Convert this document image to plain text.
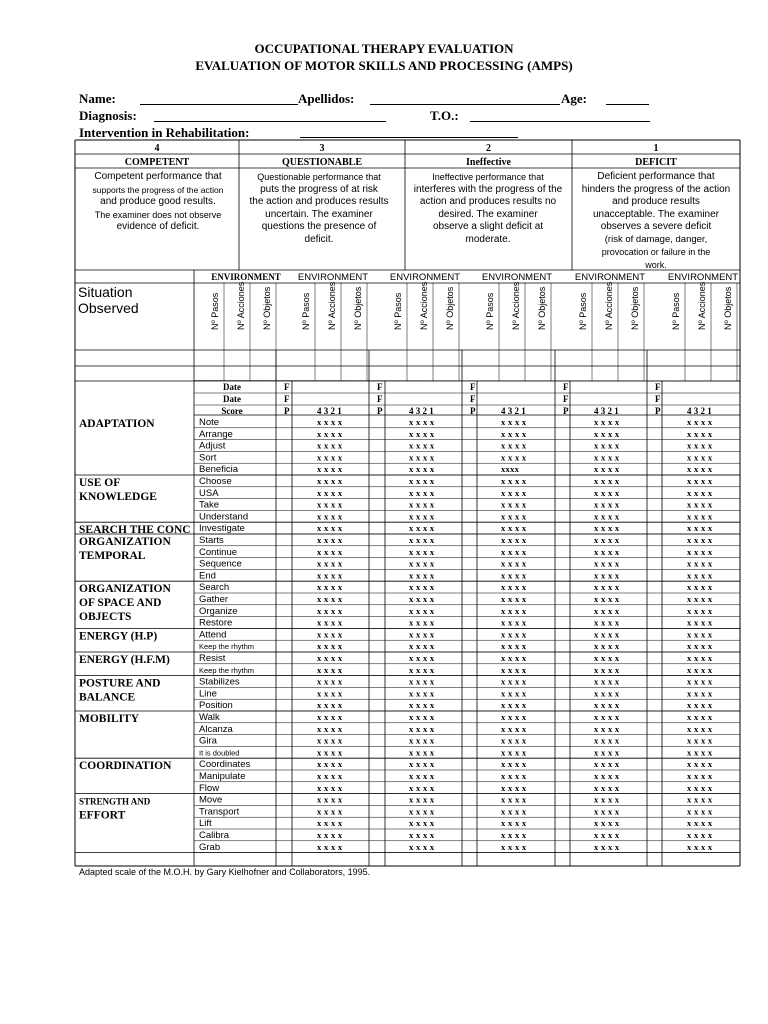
OCCUPATIONAL THERAPY EVALUATION
EVALUATION OF MOTOR SKILLS AND PROCESSING (AMPS)
Name:	Apellidos:	Age:
Diagnosis:	T.O.:
Intervention in Rehabilitation:
4
COMPETENT
3
QUESTIONABLE
2
Ineffective
1
DEFICIT
Situation
Observed
ENVIRONMENT ENVIRONMENT ENVIRONMENT ENVIRONMENT ENVIRONMENT ENVIRONMENT
Nº Pasos Nº Acciones Nº Objetos	Nº Pasos Nº Acciones Nº Objetos	Nº Pasos Nº Acciones Nº Objetos	Nº Pasos Nº Acciones Nº Objetos	Nº Pasos Nº Acciones Nº Objetos	Nº Pasos Nº Acciones Nº Objetos
Date	F	F	F	F	F
Date	F	F	F	F	F
Score	P	4 3 2 1	P	4 3 2 1	P	4 3 2 1	P	4 3 2 1	P	4 3 2 1
Note	x x x x	x x x x	x x x x	x x x x	x x x x
Arrange	x x x x	x x x x	x x x x	x x x x	x x x x
Adjust	x x x x	x x x x	x x x x	x x x x	x x x x
Sort	x x x x	x x x x	x x x x	x x x x	x x x x
Beneficia	x x x x	x x x x	xxxx	x x x x	x x x x
ADAPTATION
Choose	x x x x	x x x x	x x x x	x x x x	x x x x
USA	x x x x	x x x x	x x x x	x x x x	x x x x
Take	x x x x	x x x x	x x x x	x x x x	x x x x
Understand	x x x x	x x x x	x x x x	x x x x	x x x x
USE OF
KNOWLEDGE
Investigate	x x x x	x x x x	x x x x	x x x x	x x x x
SEARCH THE CONC
Starts	x x x x	x x x x	x x x x	x x x x	x x x x
Continue	x x x x	x x x x	x x x x	x x x x	x x x x
Sequence	x x x x	x x x x	x x x x	x x x x	x x x x
End	x x x x	x x x x	x x x x	x x x x	x x x x
ORGANIZATION
TEMPORAL
Search	x x x x	x x x x	x x x x	x x x x	x x x x
Gather	x x x x	x x x x	x x x x	x x x x	x x x x
Organize	x x x x	x x x x	x x x x	x x x x	x x x x
Restore	x x x x	x x x x	x x x x	x x x x	x x x x
ORGANIZATION
OF SPACE AND
OBJECTS
Attend	x x x x	x x x x	x x x x	x x x x	x x x x
Keep the rhythm	x x x x	x x x x	x x x x	x x x x	x x x x
ENERGY (H.P)
Resist	x x x x	x x x x	x x x x	x x x x	x x x x
Keep the rhythm	x x x x	x x x x	x x x x	x x x x	x x x x
ENERGY (H.F.M)
Stabilizes	x x x x	x x x x	x x x x	x x x x	x x x x
Line	x x x x	x x x x	x x x x	x x x x	x x x x
Position	x x x x	x x x x	x x x x	x x x x	x x x x
POSTURE AND
BALANCE
Walk	x x x x	x x x x	x x x x	x x x x	x x x x
Alcanza	x x x x	x x x x	x x x x	x x x x	x x x x
Gira	x x x x	x x x x	x x x x	x x x x	x x x x
It is doubled	x x x x	x x x x	x x x x	x x x x	x x x x
MOBILITY
Coordinates	x x x x	x x x x	x x x x	x x x x	x x x x
Manipulate	x x x x	x x x x	x x x x	x x x x	x x x x
Flow	x x x x	x x x x	x x x x	x x x x	x x x x
COORDINATION
Move	x x x x	x x x x	x x x x	x x x x	x x x x
Transport	x x x x	x x x x	x x x x	x x x x	x x x x
Lift	x x x x	x x x x	x x x x	x x x x	x x x x
Calibra	x x x x	x x x x	x x x x	x x x x	x x x x
Grab	x x x x	x x x x	x x x x	x x x x	x x x x
STRENGTH AND
EFFORT
Competent performance that
supports the progress of the action
and produce good results.
The examiner does not observe
evidence of deficit.
Questionable performance that
puts the progress of at risk
the action and produces results
uncertain. The examiner
questions the presence of
deficit.
Ineffective performance that
interferes with the progress of the
action and produces results no
desired. The examiner
observe a slight deficit at
moderate.
Deficient performance that
hinders the progress of the action
and produce results
unacceptable. The examiner
observes a severe deficit
(risk of damage, danger,
provocation or failure in the
work.
Adapted scale of the M.O.H. by Gary Kielhofner and Collaborators, 1995.
